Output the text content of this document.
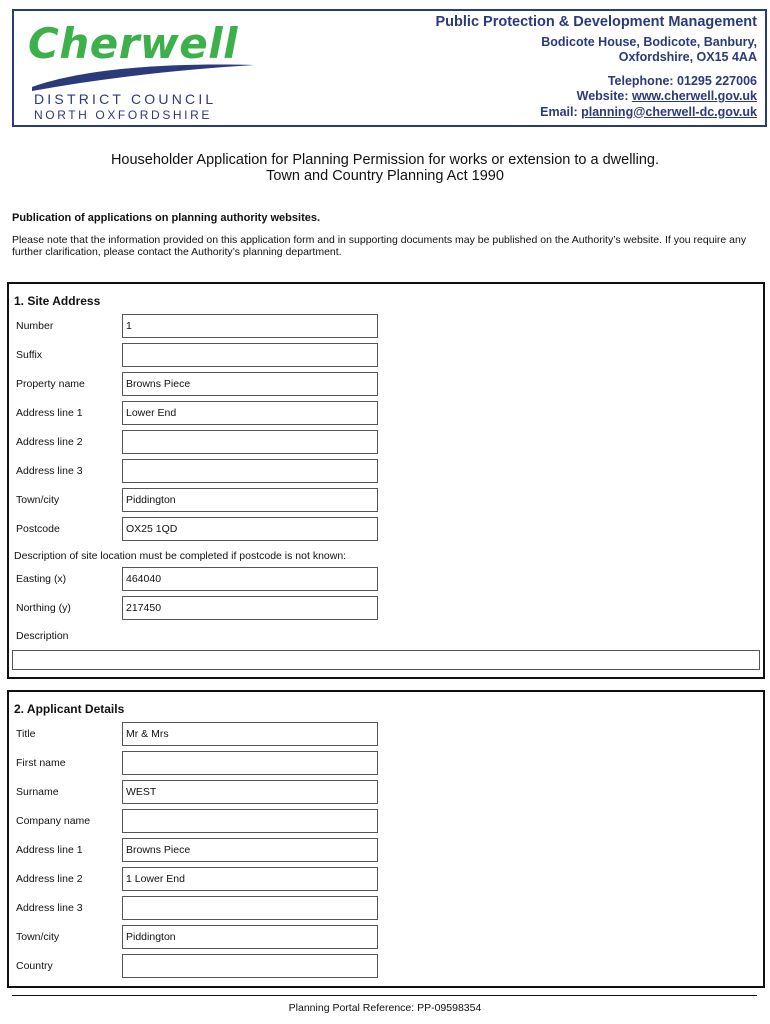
Cherwell
DISTRICT COUNCIL
NORTH OXFORDSHIRE
Public Protection & Development Management
Bodicote House, Bodicote, Banbury,
Oxfordshire, OX15 4AA
Telephone: 01295 227006
Website: www.cherwell.gov.uk
Email: planning@cherwell-dc.gov.uk
Householder Application for Planning Permission for works or extension to a dwelling.
Town and Country Planning Act 1990
Publication of applications on planning authority websites.
Please note that the information provided on this application form and in supporting documents may be published on the Authority’s website. If you require any further clarification, please contact the Authority’s planning department.
1. Site Address
Number	1
Suffix
Property name	Browns Piece
Address line 1	Lower End
Address line 2
Address line 3
Town/city	Piddington
Postcode	OX25 1QD
Description of site location must be completed if postcode is not known:
Easting (x)	464040
Northing (y)	217450
Description
2. Applicant Details
Title	Mr & Mrs
First name
Surname	WEST
Company name
Address line 1	Browns Piece
Address line 2	1 Lower End
Address line 3
Town/city	Piddington
Country
Planning Portal Reference: PP-09598354
